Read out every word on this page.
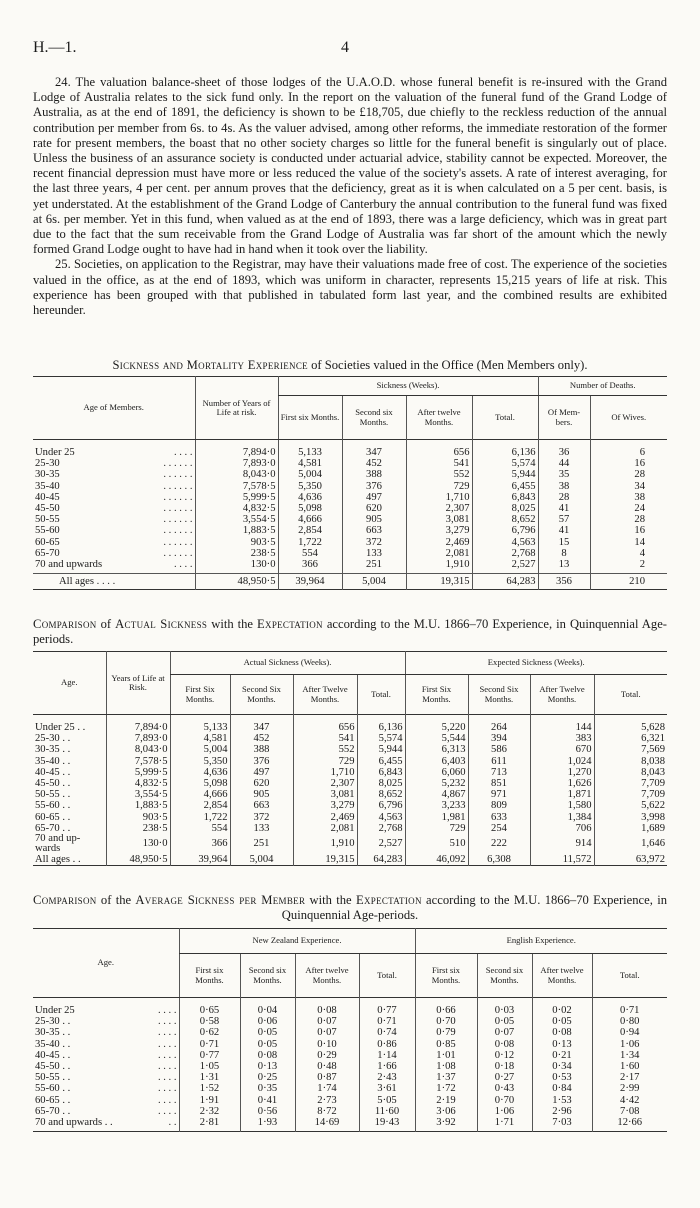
H.—1.	4

24. The valuation balance-sheet of those lodges of the U.A.O.D. whose funeral benefit is re-insured with the Grand Lodge of Australia relates to the sick fund only. In the report on the valuation of the funeral fund of the Grand Lodge of Australia, as at the end of 1891, the deficiency is shown to be £18,705, due chiefly to the reckless reduction of the annual contribution per member from 6s. to 4s. As the valuer advised, among other reforms, the immediate restoration of the former rate for present members, the boast that no other society charges so little for the funeral benefit is singularly out of place. Unless the business of an assurance society is conducted under actuarial advice, stability cannot be expected. Moreover, the recent financial depression must have more or less reduced the value of the society's assets. A rate of interest averaging, for the last three years, 4 per cent. per annum proves that the deficiency, great as it is when calculated on a 5 per cent. basis, is yet understated. At the establishment of the Grand Lodge of Canterbury the annual contribution to the funeral fund was fixed at 6s. per member. Yet in this fund, when valued as at the end of 1893, there was a large deficiency, which was in great part due to the fact that the sum receivable from the Grand Lodge of Australia was far short of the amount which the newly formed Grand Lodge ought to have had in hand when it took over the liability.

25. Societies, on application to the Registrar, may have their valuations made free of cost. The experience of the societies valued in the office, as at the end of 1893, which was uniform in character, represents 15,215 years of life at risk. This experience has been grouped with that published in tabulated form last year, and the combined results are exhibited hereunder.

Sickness and Mortality Experience of Societies valued in the Office (Men Members only).
Age of Members.	Number of Years of Life at risk.	Sickness (Weeks).				Number of Deaths.	
		First six Months.	Second six Months.	After twelve Months.	Total.	Of Mem-bers.	Of Wives.
Under 25 . . . .	7,894·0	5,133	347	656	6,136	36	6
25-30 . . . . . .	7,893·0	4,581	452	541	5,574	44	16
30-35 . . . . . .	8,043·0	5,004	388	552	5,944	35	28
35-40 . . . . . .	7,578·5	5,350	376	729	6,455	38	34
40-45 . . . . . .	5,999·5	4,636	497	1,710	6,843	28	38
45-50 . . . . . .	4,832·5	5,098	620	2,307	8,025	41	24
50-55 . . . . . .	3,554·5	4,666	905	3,081	8,652	57	28
55-60 . . . . . .	1,883·5	2,854	663	3,279	6,796	41	16
60-65 . . . . . .	903·5	1,722	372	2,469	4,563	15	14
65-70 . . . . . .	238·5	554	133	2,081	2,768	8	4
70 and upwards . . . .	130·0	366	251	1,910	2,527	13	2
All ages . . . .	48,950·5	39,964	5,004	19,315	64,283	356	210
Comparison of Actual Sickness with the Expectation according to the M.U. 1866–70 Experience, in Quinquennial Age-periods.
Age.	Years of Life at Risk.	Actual Sickness (Weeks).				Expected Sickness (Weeks).			
		First Six Months.	Second Six Months.	After Twelve Months.	Total.	First Six Months.	Second Six Months.	After Twelve Months.	Total.
Under 25 . .	7,894·0	5,133	347	656	6,136	5,220	264	144	5,628
25-30 . .	7,893·0	4,581	452	541	5,574	5,544	394	383	6,321
30-35 . .	8,043·0	5,004	388	552	5,944	6,313	586	670	7,569
35-40 . .	7,578·5	5,350	376	729	6,455	6,403	611	1,024	8,038
40-45 . .	5,999·5	4,636	497	1,710	6,843	6,060	713	1,270	8,043
45-50 . .	4,832·5	5,098	620	2,307	8,025	5,232	851	1,626	7,709
50-55 . .	3,554·5	4,666	905	3,081	8,652	4,867	971	1,871	7,709
55-60 . .	1,883·5	2,854	663	3,279	6,796	3,233	809	1,580	5,622
60-65 . .	903·5	1,722	372	2,469	4,563	1,981	633	1,384	3,998
65-70 . .	238·5	554	133	2,081	2,768	729	254	706	1,689
70 and up-wards	130·0	366	251	1,910	2,527	510	222	914	1,646
All ages . .	48,950·5	39,964	5,004	19,315	64,283	46,092	6,308	11,572	63,972
Comparison of the Average Sickness per Member with the Expectation according to the M.U. 1866–70 Experience, in Quinquennial Age-periods.
Age.	New Zealand Experience.				English Experience.			
	First six Months.	Second six Months.	After twelve Months.	Total.	First six Months.	Second six Months.	After twelve Months.	Total.
Under 25 . . . .	0·65	0·04	0·08	0·77	0·66	0·03	0·02	0·71
25-30 . . . . . .	0·58	0·06	0·07	0·71	0·70	0·05	0·05	0·80
30-35 . . . . . .	0·62	0·05	0·07	0·74	0·79	0·07	0·08	0·94
35-40 . . . . . .	0·71	0·05	0·10	0·86	0·85	0·08	0·13	1·06
40-45 . . . . . .	0·77	0·08	0·29	1·14	1·01	0·12	0·21	1·34
45-50 . . . . . .	1·05	0·13	0·48	1·66	1·08	0·18	0·34	1·60
50-55 . . . . . .	1·31	0·25	0·87	2·43	1·37	0·27	0·53	2·17
55-60 . . . . . .	1·52	0·35	1·74	3·61	1·72	0·43	0·84	2·99
60-65 . . . . . .	1·91	0·41	2·73	5·05	2·19	0·70	1·53	4·42
65-70 . . . . . .	2·32	0·56	8·72	11·60	3·06	1·06	2·96	7·08
70 and upwards . . . .	2·81	1·93	14·69	19·43	3·92	1·71	7·03	12·66
